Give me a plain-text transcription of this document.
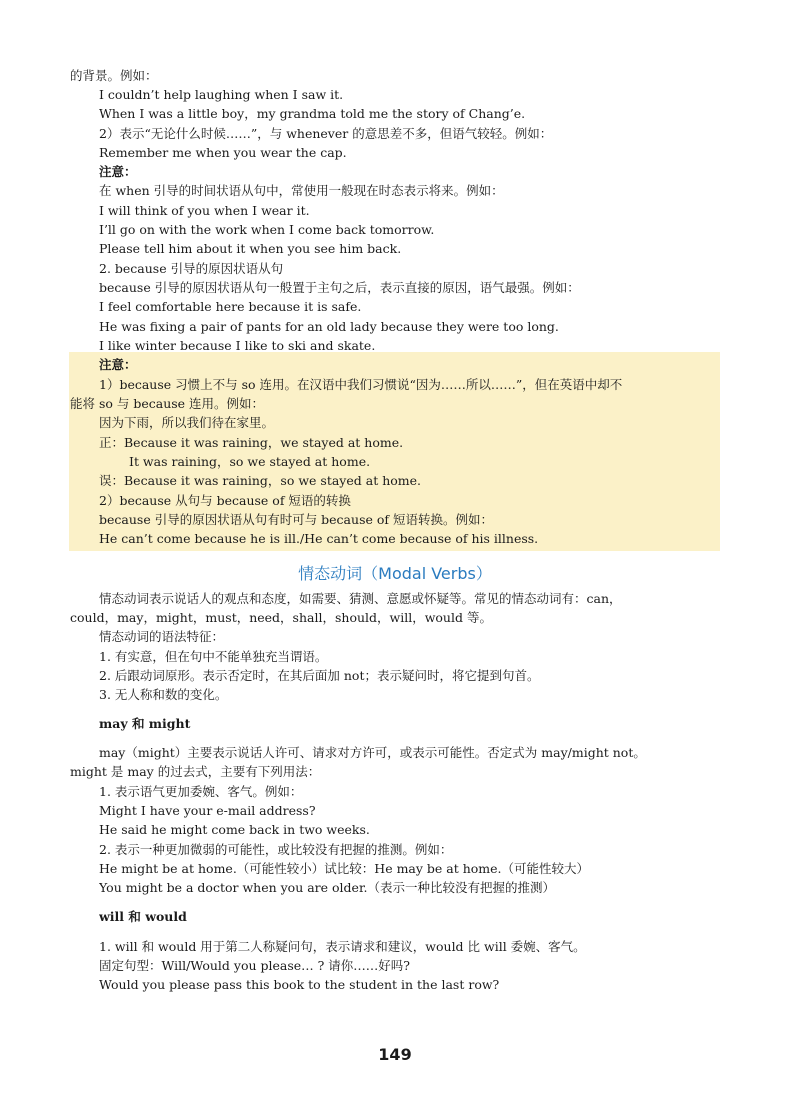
的背景。例如：

I couldn’t help laughing when I saw it.

When I was a little boy，my grandma told me the story of Chang’e.

2）表示“无论什么时候……”，与 whenever 的意思差不多，但语气较轻。例如：

Remember me when you wear the cap.

注意：

在 when 引导的时间状语从句中，常使用一般现在时态表示将来。例如：

I will think of you when I wear it.

I’ll go on with the work when I come back tomorrow.

Please tell him about it when you see him back.

2. because 引导的原因状语从句

because 引导的原因状语从句一般置于主句之后，表示直接的原因，语气最强。例如：

I feel comfortable here because it is safe.

He was fixing a pair of pants for an old lady because they were too long.

I like winter because I like to ski and skate.

注意：

1）because 习惯上不与 so 连用。在汉语中我们习惯说“因为……所以……”，但在英语中却不

能将 so 与 because 连用。例如：

因为下雨，所以我们待在家里。

正：Because it was raining，we stayed at home.

It was raining，so we stayed at home.

误：Because it was raining，so we stayed at home.

2）because 从句与 because of 短语的转换

because 引导的原因状语从句有时可与 because of 短语转换。例如：

He can’t come because he is ill./He can’t come because of his illness.

情态动词表示说话人的观点和态度，如需要、猜测、意愿或怀疑等。常见的情态动词有：can，

could，may，might，must，need，shall，should，will，would 等。

情态动词的语法特征：

1. 有实意，但在句中不能单独充当谓语。

2. 后跟动词原形。表示否定时，在其后面加 not；表示疑问时，将它提到句首。

3. 无人称和数的变化。

may 和 might

may（might）主要表示说话人许可、请求对方许可，或表示可能性。否定式为 may/might not。

might 是 may 的过去式，主要有下列用法：

1. 表示语气更加委婉、客气。例如：

Might I have your e-mail address?

He said he might come back in two weeks.

2. 表示一种更加微弱的可能性，或比较没有把握的推测。例如：

He might be at home.（可能性较小）试比较：He may be at home.（可能性较大）

You might be a doctor when you are older.（表示一种比较没有把握的推测）

will 和 would

1. will 和 would 用于第二人称疑问句，表示请求和建议，would 比 will 委婉、客气。

固定句型：Will/Would you please… ? 请你……好吗?

Would you please pass this book to the student in the last row?

情态动词（Modal Verbs）
149
